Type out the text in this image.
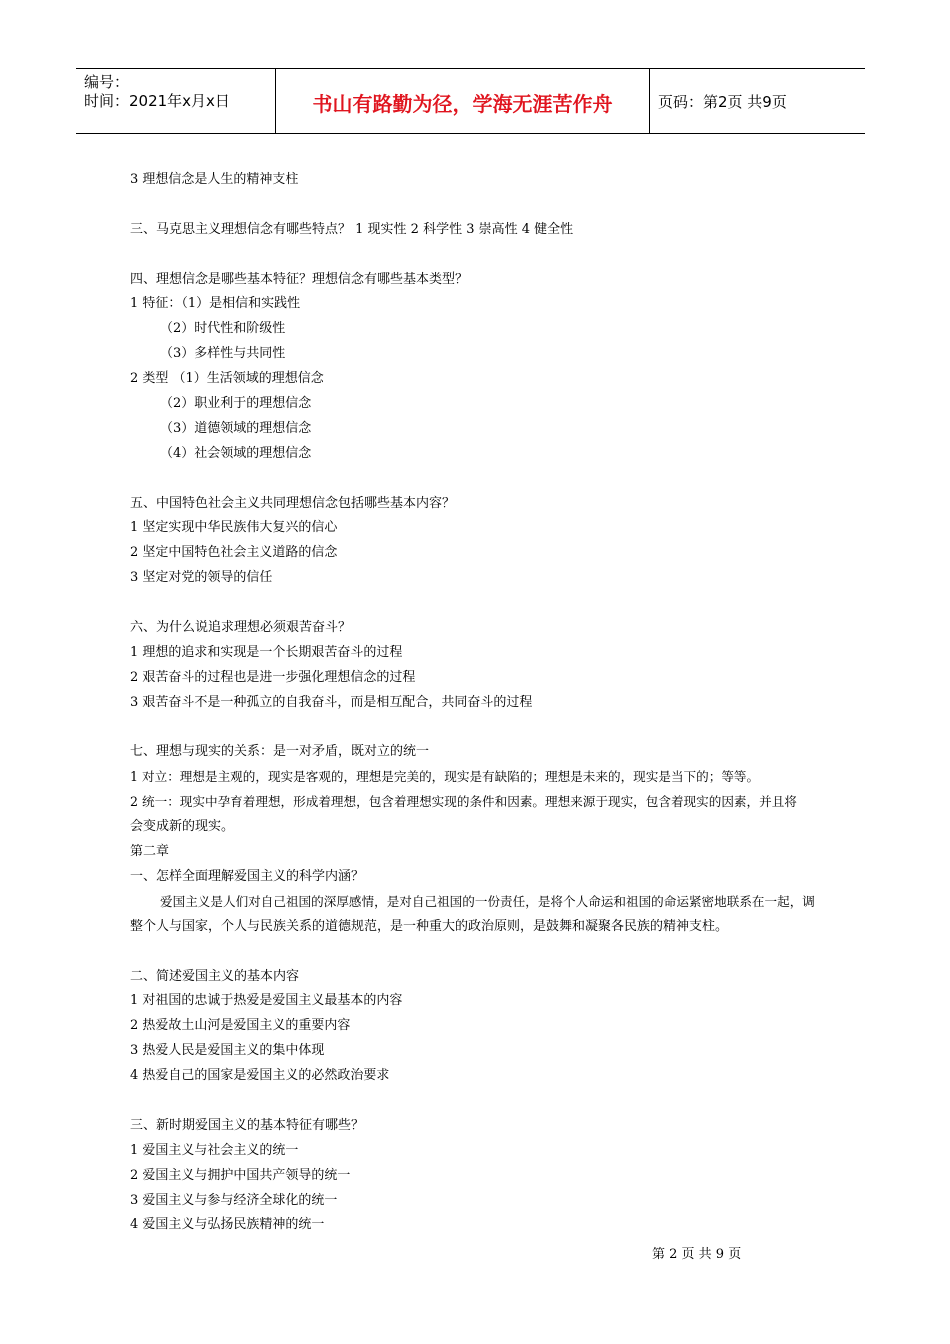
编号：
时间：2021年x月x日	书山有路勤为径，学海无涯苦作舟	页码：第2页 共9页
3 理想信念是人生的精神支柱
三、马克思主义理想信念有哪些特点？ 1 现实性 2 科学性 3 崇高性 4 健全性
四、理想信念是哪些基本特征？理想信念有哪些基本类型？
1 特征：（1）是相信和实践性
（2）时代性和阶级性
（3）多样性与共同性
2 类型 （1）生活领域的理想信念
（2）职业利于的理想信念
（3）道德领域的理想信念
（4）社会领域的理想信念
五、中国特色社会主义共同理想信念包括哪些基本内容？
1 坚定实现中华民族伟大复兴的信心
2 坚定中国特色社会主义道路的信念
3 坚定对党的领导的信任
六、为什么说追求理想必须艰苦奋斗？
1 理想的追求和实现是一个长期艰苦奋斗的过程
2 艰苦奋斗的过程也是进一步强化理想信念的过程
3 艰苦奋斗不是一种孤立的自我奋斗，而是相互配合，共同奋斗的过程
七、理想与现实的关系：是一对矛盾，既对立的统一
1 对立：理想是主观的，现实是客观的，理想是完美的，现实是有缺陷的；理想是未来的，现实是当下的；等等。
2 统一：现实中孕育着理想，形成着理想，包含着理想实现的条件和因素。理想来源于现实，包含着现实的因素，并且将
会变成新的现实。
第二章
一、怎样全面理解爱国主义的科学内涵？
爱国主义是人们对自己祖国的深厚感情，是对自己祖国的一份责任，是将个人命运和祖国的命运紧密地联系在一起，调
整个人与国家，个人与民族关系的道德规范，是一种重大的政治原则，是鼓舞和凝聚各民族的精神支柱。
二、简述爱国主义的基本内容
1 对祖国的忠诚于热爱是爱国主义最基本的内容
2 热爱故土山河是爱国主义的重要内容
3 热爱人民是爱国主义的集中体现
4 热爱自己的国家是爱国主义的必然政治要求
三、新时期爱国主义的基本特征有哪些？
1 爱国主义与社会主义的统一
2 爱国主义与拥护中国共产领导的统一
3 爱国主义与参与经济全球化的统一
4 爱国主义与弘扬民族精神的统一
第 2 页 共 9 页
